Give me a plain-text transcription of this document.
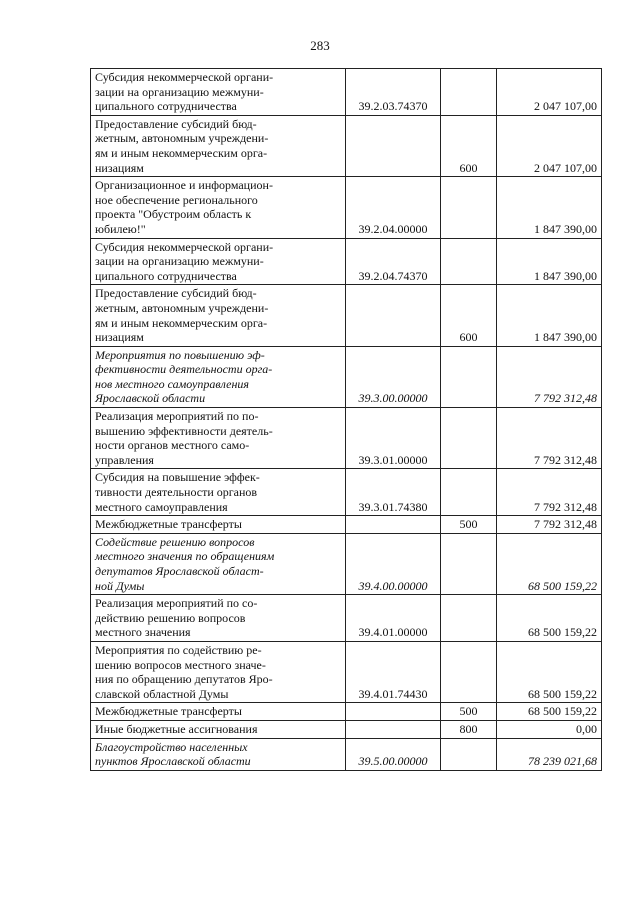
283
Субсидия некоммерческой органи-
зации на организацию межмуни-
ципального сотрудничества	39.2.03.74370		2 047 107,00

Предоставление субсидий бюд-
жетным, автономным учреждени-
ям и иным некоммерческим орга-
низациям		600	2 047 107,00

Организационное и информацион-
ное обеспечение регионального
проекта "Обустроим область к
юбилею!"	39.2.04.00000		1 847 390,00

Субсидия некоммерческой органи-
зации на организацию межмуни-
ципального сотрудничества	39.2.04.74370		1 847 390,00

Предоставление субсидий бюд-
жетным, автономным учреждени-
ям и иным некоммерческим орга-
низациям		600	1 847 390,00

Мероприятия по повышению эф-
фективности деятельности орга-
нов местного самоуправления
Ярославской области	39.3.00.00000		7 792 312,48

Реализация мероприятий по по-
вышению эффективности деятель-
ности органов местного само-
управления	39.3.01.00000		7 792 312,48

Субсидия на повышение эффек-
тивности деятельности органов
местного самоуправления	39.3.01.74380		7 792 312,48

Межбюджетные трансферты		500	7 792 312,48

Содействие решению вопросов
местного значения по обращениям
депутатов Ярославской област-
ной Думы	39.4.00.00000		68 500 159,22

Реализация мероприятий по со-
действию решению вопросов
местного значения	39.4.01.00000		68 500 159,22

Мероприятия по содействию ре-
шению вопросов местного значе-
ния по обращению депутатов Яро-
славской областной Думы	39.4.01.74430		68 500 159,22

Межбюджетные трансферты		500	68 500 159,22

Иные бюджетные ассигнования		800	0,00

Благоустройство населенных
пунктов Ярославской области	39.5.00.00000		78 239 021,68
